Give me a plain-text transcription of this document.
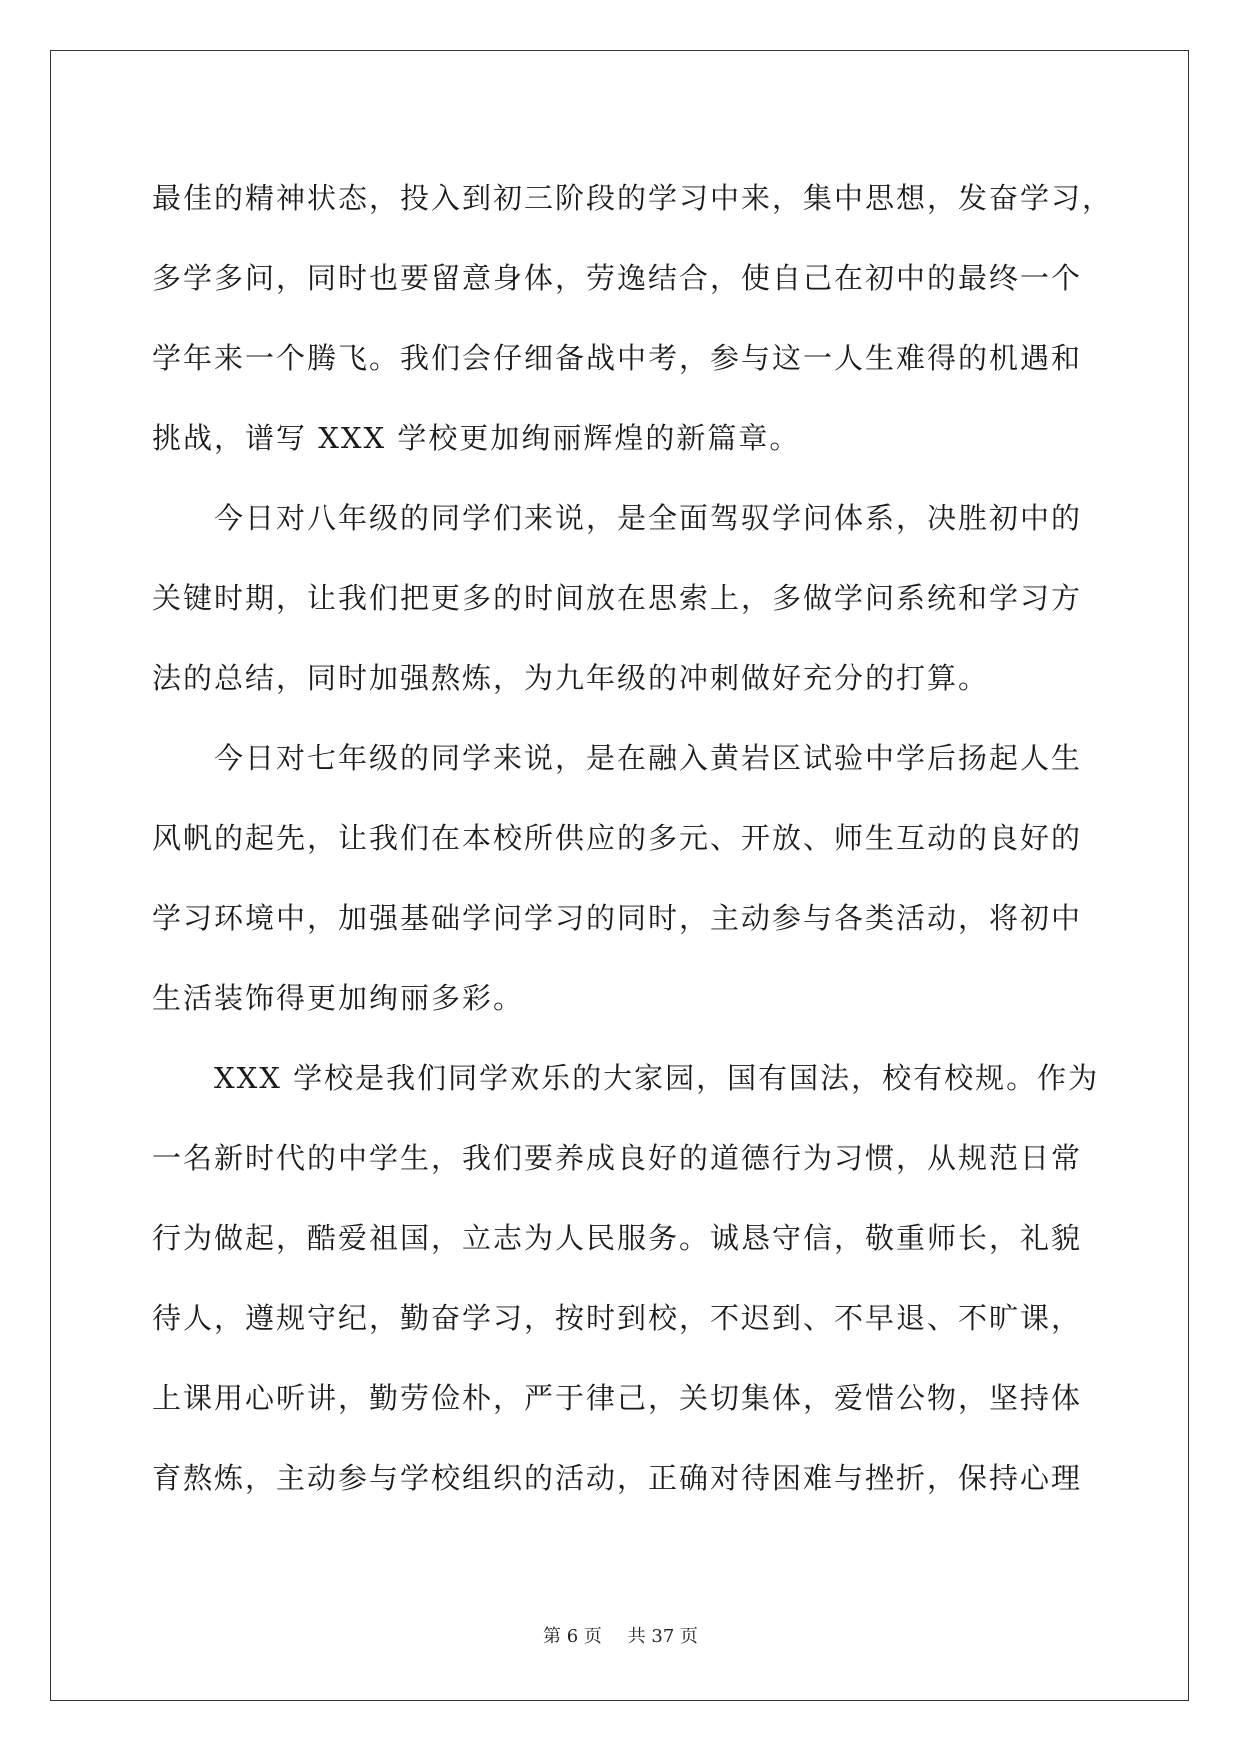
最佳的精神状态，投入到初三阶段的学习中来，集中思想，发奋学习，
多学多问，同时也要留意身体，劳逸结合，使自己在初中的最终一个
学年来一个腾飞。我们会仔细备战中考，参与这一人生难得的机遇和
挑战，谱写 XXX 学校更加绚丽辉煌的新篇章。
今日对八年级的同学们来说，是全面驾驭学问体系，决胜初中的
关键时期，让我们把更多的时间放在思索上，多做学问系统和学习方
法的总结，同时加强熬炼，为九年级的冲刺做好充分的打算。
今日对七年级的同学来说，是在融入黄岩区试验中学后扬起人生
风帆的起先，让我们在本校所供应的多元、开放、师生互动的良好的
学习环境中，加强基础学问学习的同时，主动参与各类活动，将初中
生活装饰得更加绚丽多彩。
XXX 学校是我们同学欢乐的大家园，国有国法，校有校规。作为
一名新时代的中学生，我们要养成良好的道德行为习惯，从规范日常
行为做起，酷爱祖国，立志为人民服务。诚恳守信，敬重师长，礼貌
待人，遵规守纪，勤奋学习，按时到校，不迟到、不早退、不旷课，
上课用心听讲，勤劳俭朴，严于律己，关切集体，爱惜公物，坚持体
育熬炼，主动参与学校组织的活动，正确对待困难与挫折，保持心理
第 6 页 共 37 页
